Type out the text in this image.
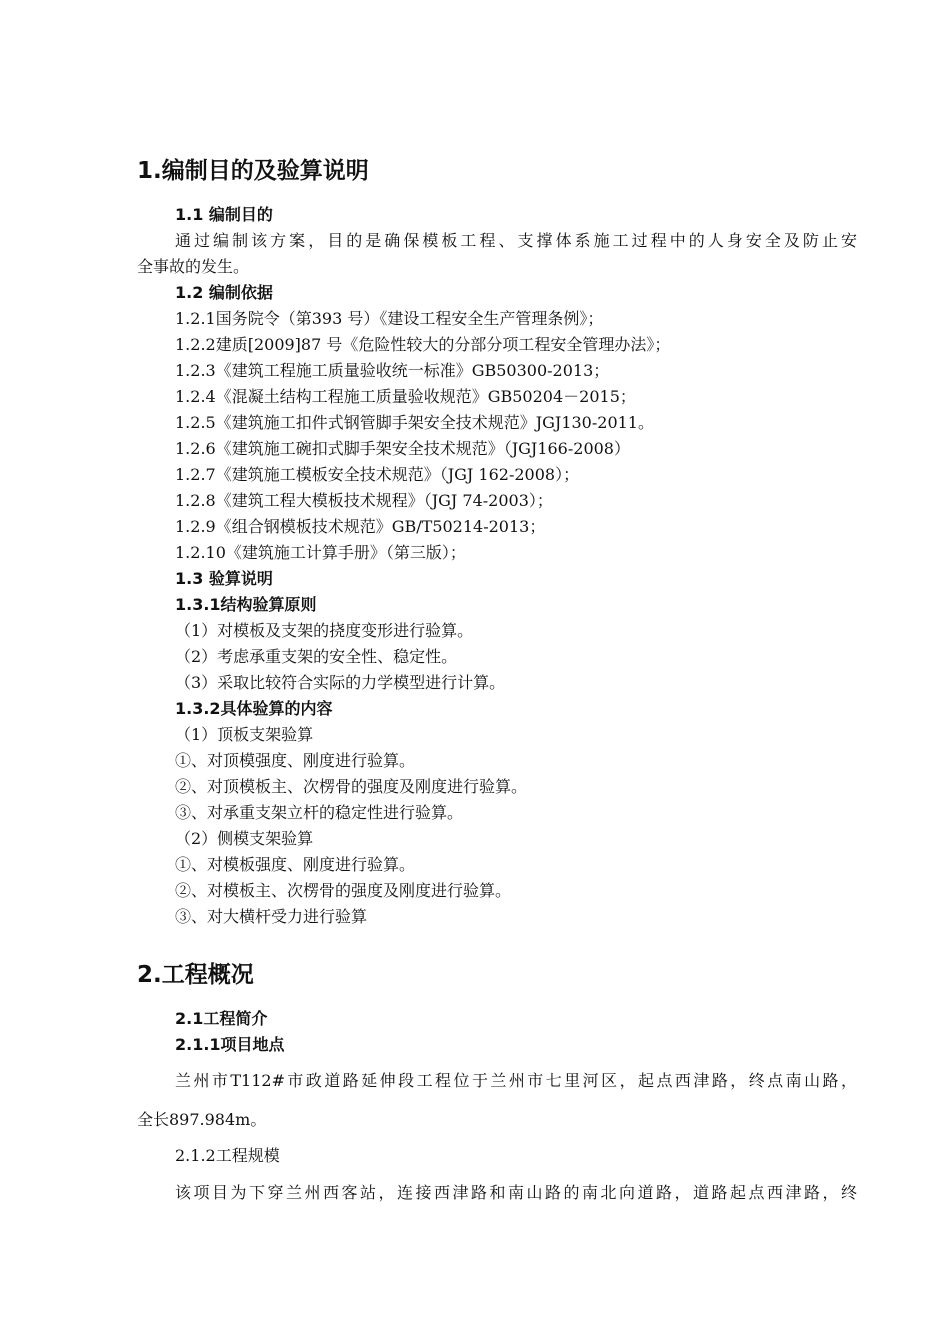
1.编制目的及验算说明
1.1 编制目的
通过编制该方案，目的是确保模板工程、支撑体系施工过程中的人身安全及防止安
全事故的发生。
1.2 编制依据
1.2.1国务院令（第393 号）《建设工程安全生产管理条例》；
1.2.2建质[2009]87 号《危险性较大的分部分项工程安全管理办法》；
1.2.3《建筑工程施工质量验收统一标准》GB50300-2013；
1.2.4《混凝土结构工程施工质量验收规范》GB50204－2015；
1.2.5《建筑施工扣件式钢管脚手架安全技术规范》JGJ130-2011。
1.2.6《建筑施工碗扣式脚手架安全技术规范》（JGJ166-2008）
1.2.7《建筑施工模板安全技术规范》（JGJ 162-2008）；
1.2.8《建筑工程大模板技术规程》（JGJ 74-2003）；
1.2.9《组合钢模板技术规范》GB/T50214-2013；
1.2.10《建筑施工计算手册》（第三版）；
1.3 验算说明
1.3.1结构验算原则
（1）对模板及支架的挠度变形进行验算。
（2）考虑承重支架的安全性、稳定性。
（3）采取比较符合实际的力学模型进行计算。
1.3.2具体验算的内容
（1）顶板支架验算
①、对顶模强度、刚度进行验算。
②、对顶模板主、次楞骨的强度及刚度进行验算。
③、对承重支架立杆的稳定性进行验算。
（2）侧模支架验算
①、对模板强度、刚度进行验算。
②、对模板主、次楞骨的强度及刚度进行验算。
③、对大横杆受力进行验算
2.工程概况
2.1工程简介
2.1.1项目地点
兰州市T112#市政道路延伸段工程位于兰州市七里河区，起点西津路，终点南山路，
全长897.984m。
2.1.2工程规模
该项目为下穿兰州西客站，连接西津路和南山路的南北向道路，道路起点西津路，终
